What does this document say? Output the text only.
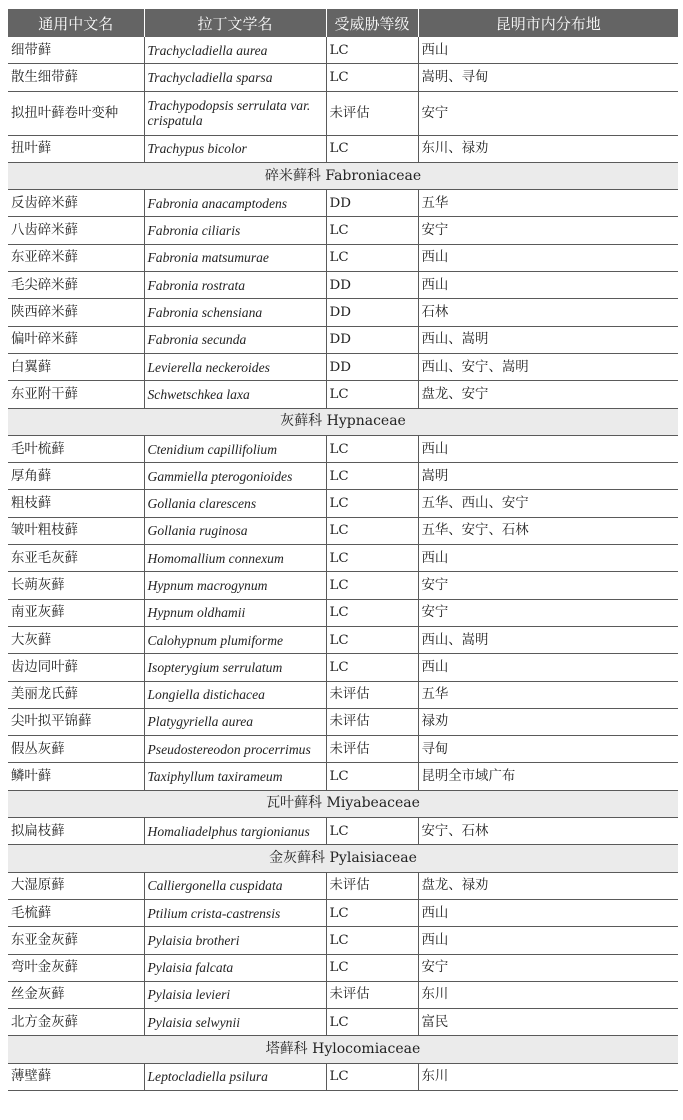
通用中文名	拉丁文学名	受威胁等级	昆明市内分布地
细带藓	Trachycladiella aurea	LC	西山
散生细带藓	Trachycladiella sparsa	LC	嵩明、寻甸
拟扭叶藓卷叶变种	Trachypodopsis serrulata var. crispatula	未评估	安宁
扭叶藓	Trachypus bicolor	LC	东川、禄劝
碎米藓科 Fabroniaceae			
反齿碎米藓	Fabronia anacamptodens	DD	五华
八齿碎米藓	Fabronia ciliaris	LC	安宁
东亚碎米藓	Fabronia matsumurae	LC	西山
毛尖碎米藓	Fabronia rostrata	DD	西山
陕西碎米藓	Fabronia schensiana	DD	石林
偏叶碎米藓	Fabronia secunda	DD	西山、嵩明
白翼藓	Levierella neckeroides	DD	西山、安宁、嵩明
东亚附干藓	Schwetschkea laxa	LC	盘龙、安宁
灰藓科 Hypnaceae			
毛叶梳藓	Ctenidium capillifolium	LC	西山
厚角藓	Gammiella pterogonioides	LC	嵩明
粗枝藓	Gollania clarescens	LC	五华、西山、安宁
皱叶粗枝藓	Gollania ruginosa	LC	五华、安宁、石林
东亚毛灰藓	Homomallium connexum	LC	西山
长蒴灰藓	Hypnum macrogynum	LC	安宁
南亚灰藓	Hypnum oldhamii	LC	安宁
大灰藓	Calohypnum plumiforme	LC	西山、嵩明
齿边同叶藓	Isopterygium serrulatum	LC	西山
美丽龙氏藓	Longiella distichacea	未评估	五华
尖叶拟平锦藓	Platygyriella aurea	未评估	禄劝
假丛灰藓	Pseudostereodon procerrimus	未评估	寻甸
鳞叶藓	Taxiphyllum taxirameum	LC	昆明全市域广布
瓦叶藓科 Miyabeaceae			
拟扁枝藓	Homaliadelphus targionianus	LC	安宁、石林
金灰藓科 Pylaisiaceae			
大湿原藓	Calliergonella cuspidata	未评估	盘龙、禄劝
毛梳藓	Ptilium crista-castrensis	LC	西山
东亚金灰藓	Pylaisia brotheri	LC	西山
弯叶金灰藓	Pylaisia falcata	LC	安宁
丝金灰藓	Pylaisia levieri	未评估	东川
北方金灰藓	Pylaisia selwynii	LC	富民
塔藓科 Hylocomiaceae			
薄壁藓	Leptocladiella psilura	LC	东川
